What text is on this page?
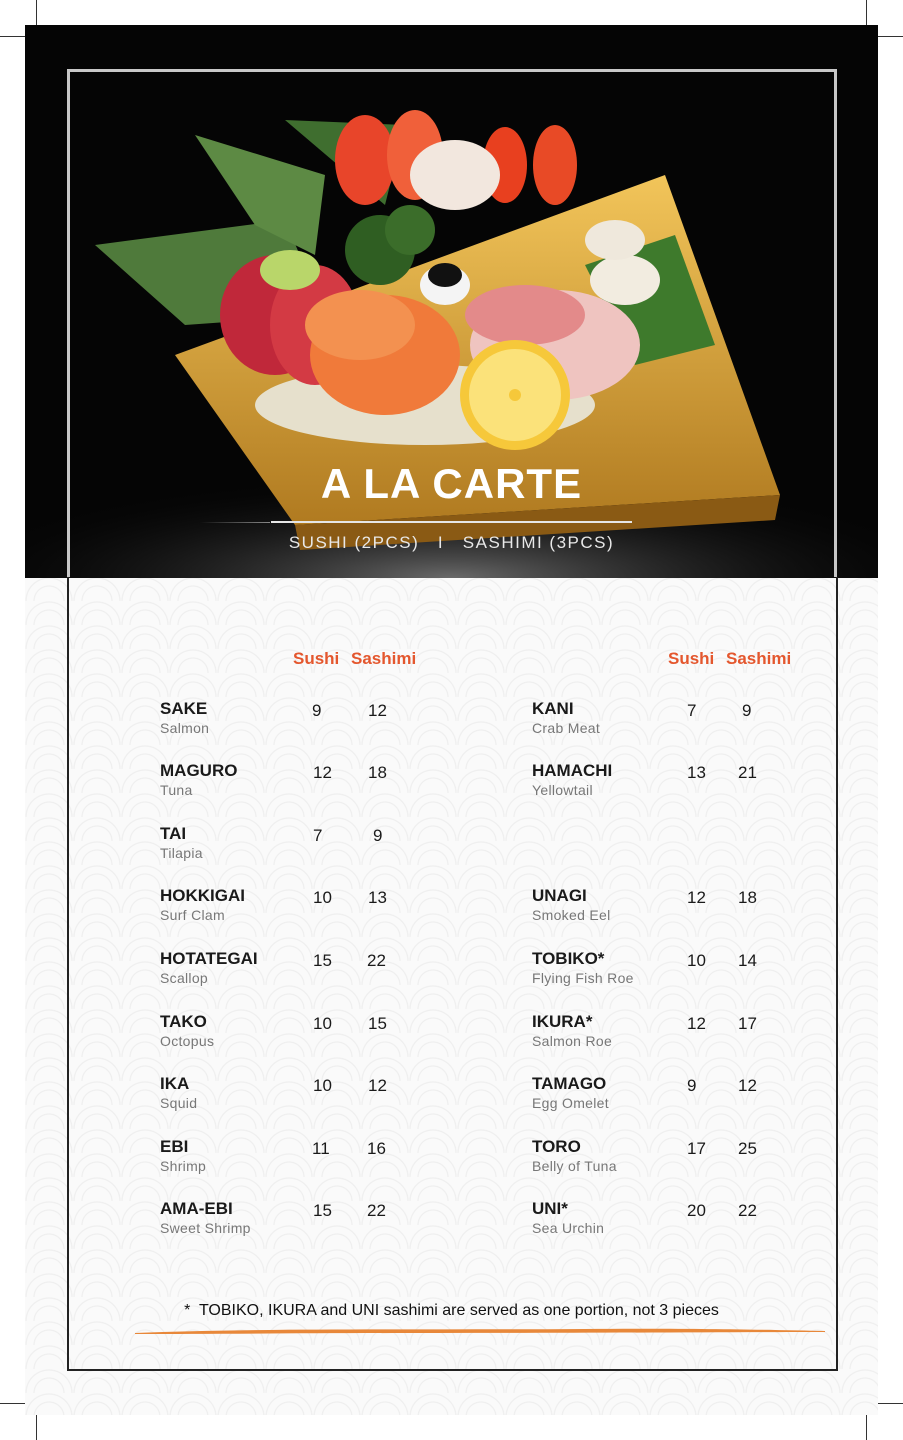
A LA CARTE
SUSHI (2PCS)   I   SASHIMI (3PCS)
Sushi Sashimi	Sushi Sashimi
SAKE
Salmon
9	12
MAGURO
Tuna
12 18
TAI
Tilapia
7	9
HOKKIGAI
Surf Clam
10 13
HOTATEGAI
Scallop
15 22
TAKO
Octopus
10 15
IKA
Squid
10 12
EBI
Shrimp
11 16
AMA-EBI
Sweet Shrimp
15 22
KANI
Crab Meat
7	9
HAMACHI
Yellowtail
13 21
UNAGI
Smoked Eel
12 18
TOBIKO*
Flying Fish Roe
10 14
IKURA*
Salmon Roe
12 17
TAMAGO
Egg Omelet
9 12
TORO
Belly of Tuna
17 25
UNI*
Sea Urchin
20 22
*  TOBIKO, IKURA and UNI sashimi are served as one portion, not 3 pieces
